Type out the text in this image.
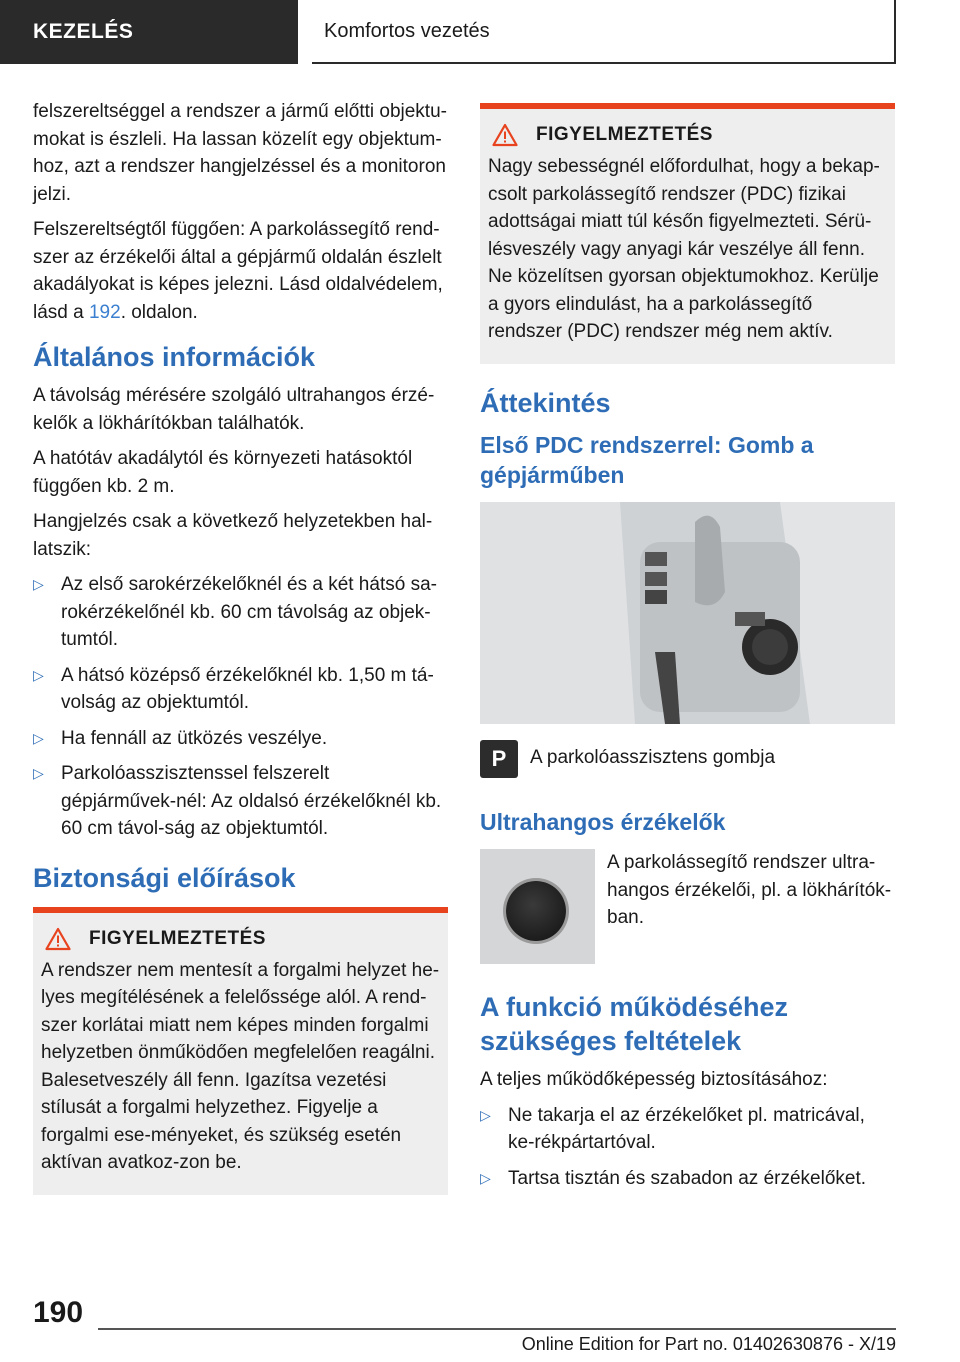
KEZELÉS	Komfortos vezetés

felszereltséggel a rendszer a jármű előtti objektu-mokat is észleli. Ha lassan közelít egy objektum-hoz, azt a rendszer hangjelzéssel és a monitoron jelzi.

Felszereltségtől függően: A parkolássegítő rend-szer az érzékelői által a gépjármű oldalán észlelt akadályokat is képes jelezni. Lásd oldalvédelem, lásd a 192. oldalon.

Általános információk

A távolság mérésére szolgáló ultrahangos érzé-kelők a lökhárítókban találhatók.

A hatótáv akadálytól és környezeti hatásoktól függően kb. 2 m.

Hangjelzés csak a következő helyzetekben hal-latszik:

▷ Az első sarokérzékelőknél és a két hátsó sa-rokérzékelőnél kb. 60 cm távolság az objek-tumtól.
▷ A hátsó középső érzékelőknél kb. 1,50 m tá-volság az objektumtól.
▷ Ha fennáll az ütközés veszélye.
▷ Parkolóasszisztenssel felszerelt gépjárművek-nél: Az oldalsó érzékelőknél kb. 60 cm távol-ság az objektumtól.
Biztonsági előírások
FIGYELMEZTETÉS

A rendszer nem mentesít a forgalmi helyzet he-lyes megítélésének a felelőssége alól. A rend-szer korlátai miatt nem képes minden forgalmi helyzetben önműködően megfelelően reagálni. Balesetveszély áll fenn. Igazítsa vezetési stílusát a forgalmi helyzethez. Figyelje a forgalmi ese-ményeket, és szükség esetén aktívan avatkoz-zon be.

FIGYELMEZTETÉS

Nagy sebességnél előfordulhat, hogy a bekap-csolt parkolássegítő rendszer (PDC) fizikai adottságai miatt túl későn figyelmezteti. Sérü-lésveszély vagy anyagi kár veszélye áll fenn. Ne közelítsen gyorsan objektumokhoz. Kerülje a gyors elindulást, ha a parkolássegítő rendszer (PDC) rendszer még nem aktív.

Áttekintés
Első PDC rendszerrel: Gomb a gépjárműben
P	A parkolóasszisztens gombja

Ultrahangos érzékelők

A parkolássegítő rendszer ultra-hangos érzékelői, pl. a lökhárítók-ban.

A funkció működéséhez szükséges feltételek

A teljes működőképesség biztosításához:

▷ Ne takarja el az érzékelőket pl. matricával, ke-rékpártartóval.
▷ Tartsa tisztán és szabadon az érzékelőket.
190
Online Edition for Part no. 01402630876 - X/19
